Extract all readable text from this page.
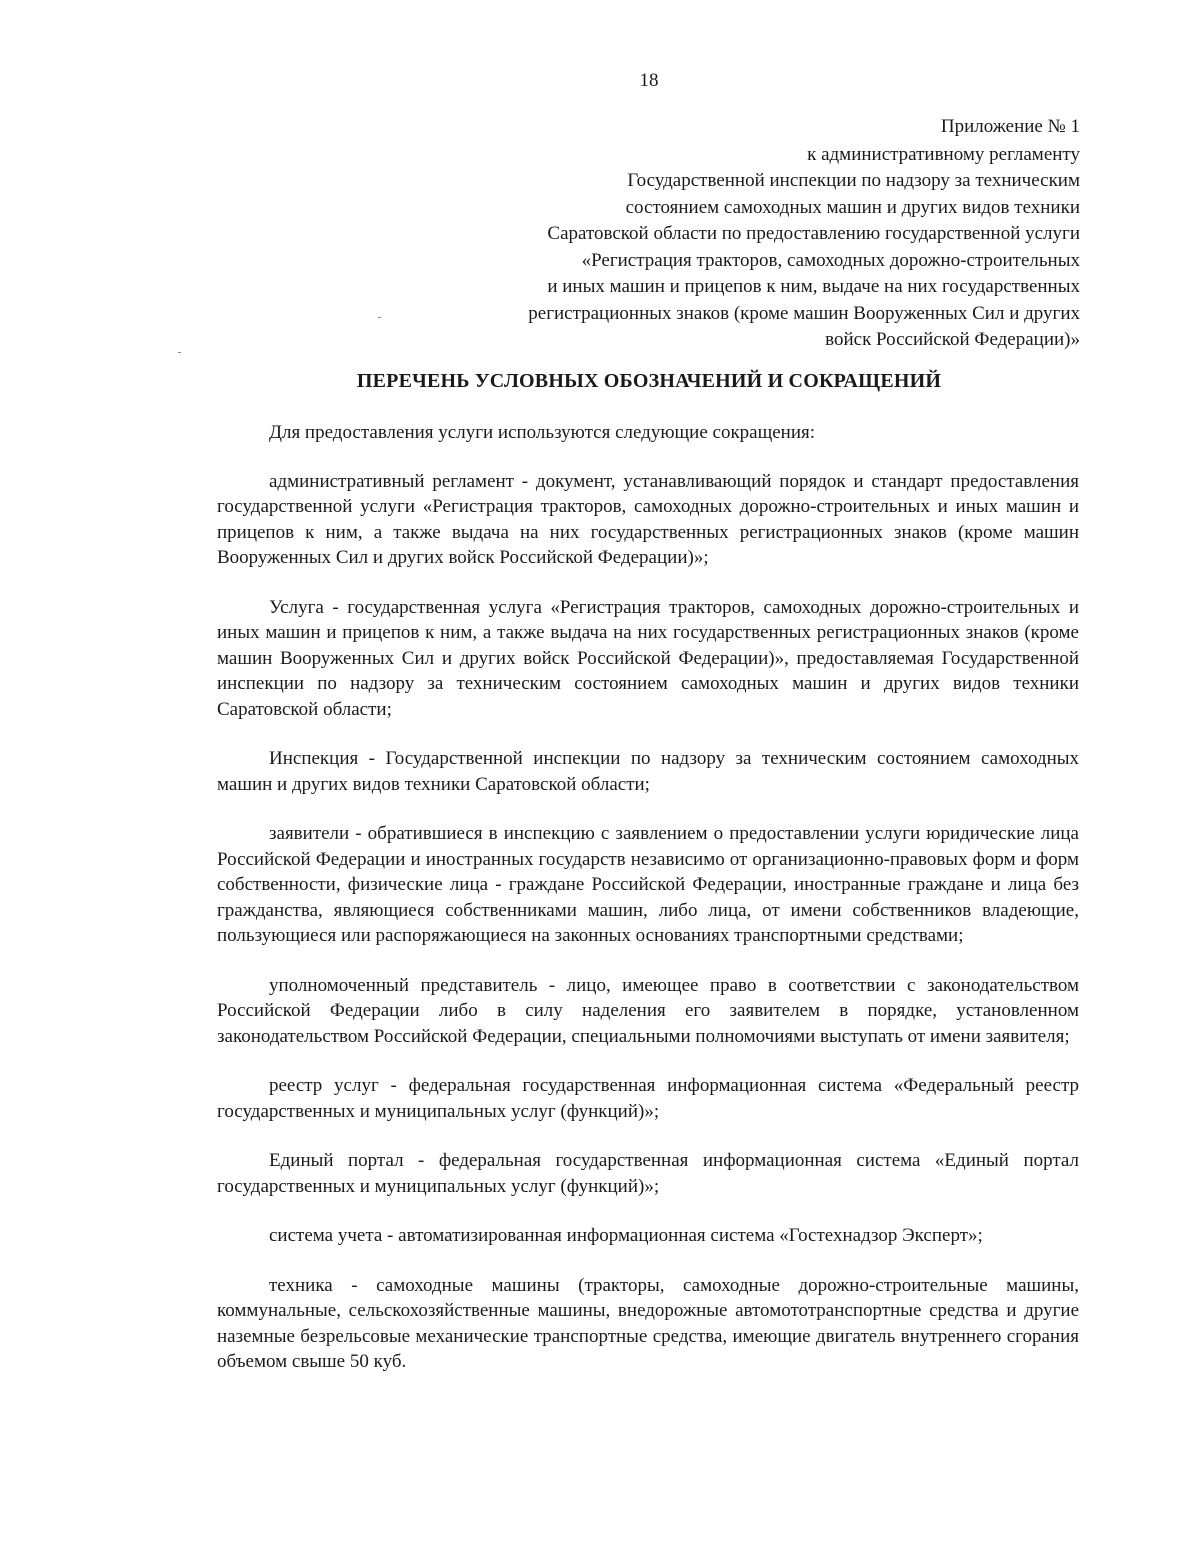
18
Приложение № 1
к административному регламенту
Государственной инспекции по надзору за техническим
состоянием самоходных машин и других видов техники
Саратовской области по предоставлению государственной услуги
«Регистрация тракторов, самоходных дорожно-строительных
и иных машин и прицепов к ним, выдаче на них государственных
регистрационных знаков (кроме машин Вооруженных Сил и других
войск Российской Федерации)»
ПЕРЕЧЕНЬ УСЛОВНЫХ ОБОЗНАЧЕНИЙ И СОКРАЩЕНИЙ

Для предоставления услуги используются следующие сокращения:

административный регламент - документ, устанавливающий порядок и стандарт предоставления государственной услуги «Регистрация тракторов, самоходных дорожно-строительных и иных машин и прицепов к ним, а также выдача на них государственных регистрационных знаков (кроме машин Вооруженных Сил и других войск Российской Федерации)»;

Услуга - государственная услуга «Регистрация тракторов, самоходных дорожно-строительных и иных машин и прицепов к ним, а также выдача на них государственных регистрационных знаков (кроме машин Вооруженных Сил и других войск Российской Федерации)», предоставляемая Государственной инспекции по надзору за техническим состоянием самоходных машин и других видов техники Саратовской области;

Инспекция - Государственной инспекции по надзору за техническим состоянием самоходных машин и других видов техники Саратовской области;

заявители - обратившиеся в инспекцию с заявлением о предоставлении услуги юридические лица Российской Федерации и иностранных государств независимо от организационно-правовых форм и форм собственности, физические лица - граждане Российской Федерации, иностранные граждане и лица без гражданства, являющиеся собственниками машин, либо лица, от имени собственников владеющие, пользующиеся или распоряжающиеся на законных основаниях транспортными средствами;

уполномоченный представитель - лицо, имеющее право в соответствии с законодательством Российской Федерации либо в силу наделения его заявителем в порядке, установленном законодательством Российской Федерации, специальными полномочиями выступать от имени заявителя;

реестр услуг - федеральная государственная информационная система «Федеральный реестр государственных и муниципальных услуг (функций)»;

Единый портал - федеральная государственная информационная система «Единый портал государственных и муниципальных услуг (функций)»;

система учета - автоматизированная информационная система «Гостехнадзор Эксперт»;

техника - самоходные машины (тракторы, самоходные дорожно-строительные машины, коммунальные, сельскохозяйственные машины, внедорожные автомототранспортные средства и другие наземные безрельсовые механические транспортные средства, имеющие двигатель внутреннего сгорания объемом свыше 50 куб.
